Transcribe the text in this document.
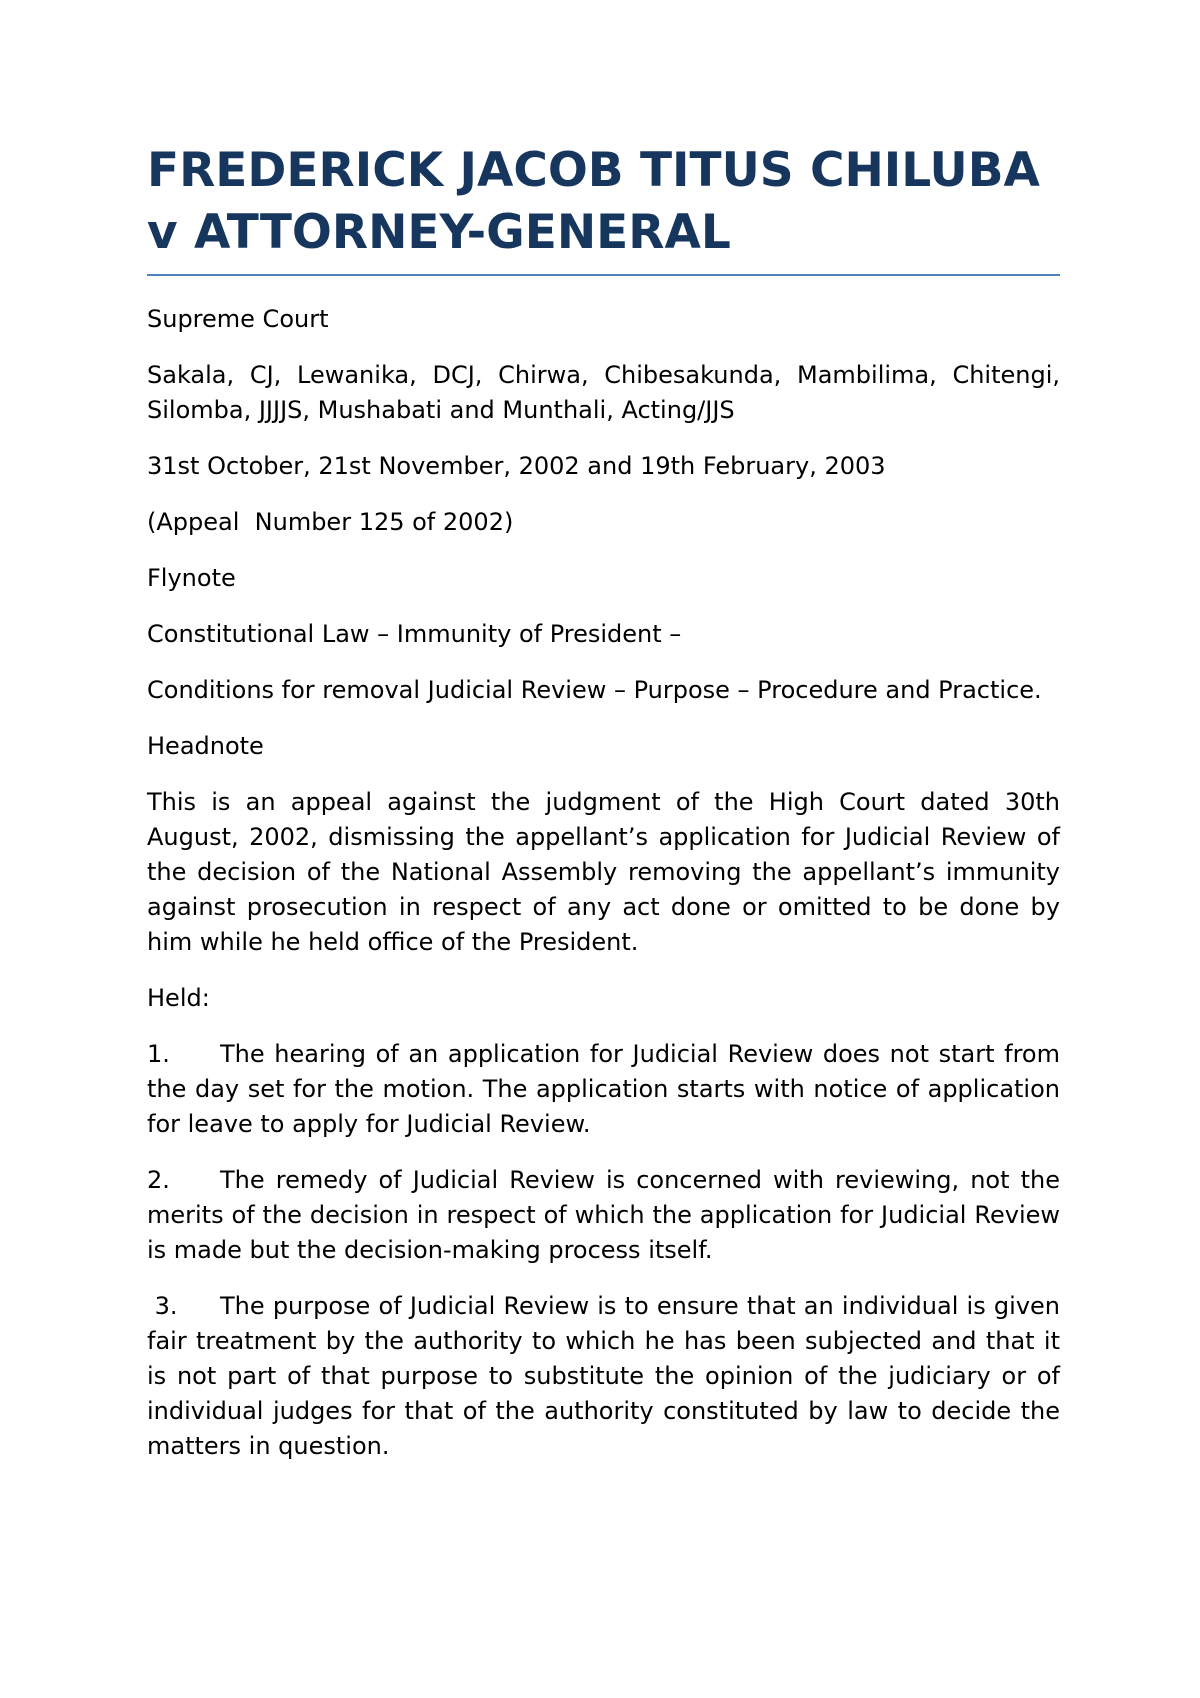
FREDERICK JACOB TITUS CHILUBA
v ATTORNEY-GENERAL

Supreme Court

Sakala, CJ, Lewanika, DCJ, Chirwa, Chibesakunda, Mambilima, Chitengi, Silomba, JJJJS, Mushabati and Munthali, Acting/JJS

31st October, 21st November, 2002 and 19th February, 2003

(Appeal  Number 125 of 2002)

Flynote

Constitutional Law – Immunity of President –

Conditions for removal Judicial Review – Purpose – Procedure and Practice.

Headnote

This is an appeal against the judgment of the High Court dated 30th August, 2002, dismissing the appellant’s application for Judicial Review of the decision of the National Assembly removing the appellant’s immunity against prosecution in respect of any act done or omitted to be done by him while he held office of the President.

Held:

1. The hearing of an application for Judicial Review does not start from the day set for the motion. The application starts with notice of application for leave to apply for Judicial Review.

2. The remedy of Judicial Review is concerned with reviewing, not the merits of the decision in respect of which the application for Judicial Review is made but the decision-making process itself.

3. The purpose of Judicial Review is to ensure that an individual is given fair treatment by the authority to which he has been subjected and that it is not part of that purpose to substitute the opinion of the judiciary or of individual judges for that of the authority constituted by law to decide the matters in question.
